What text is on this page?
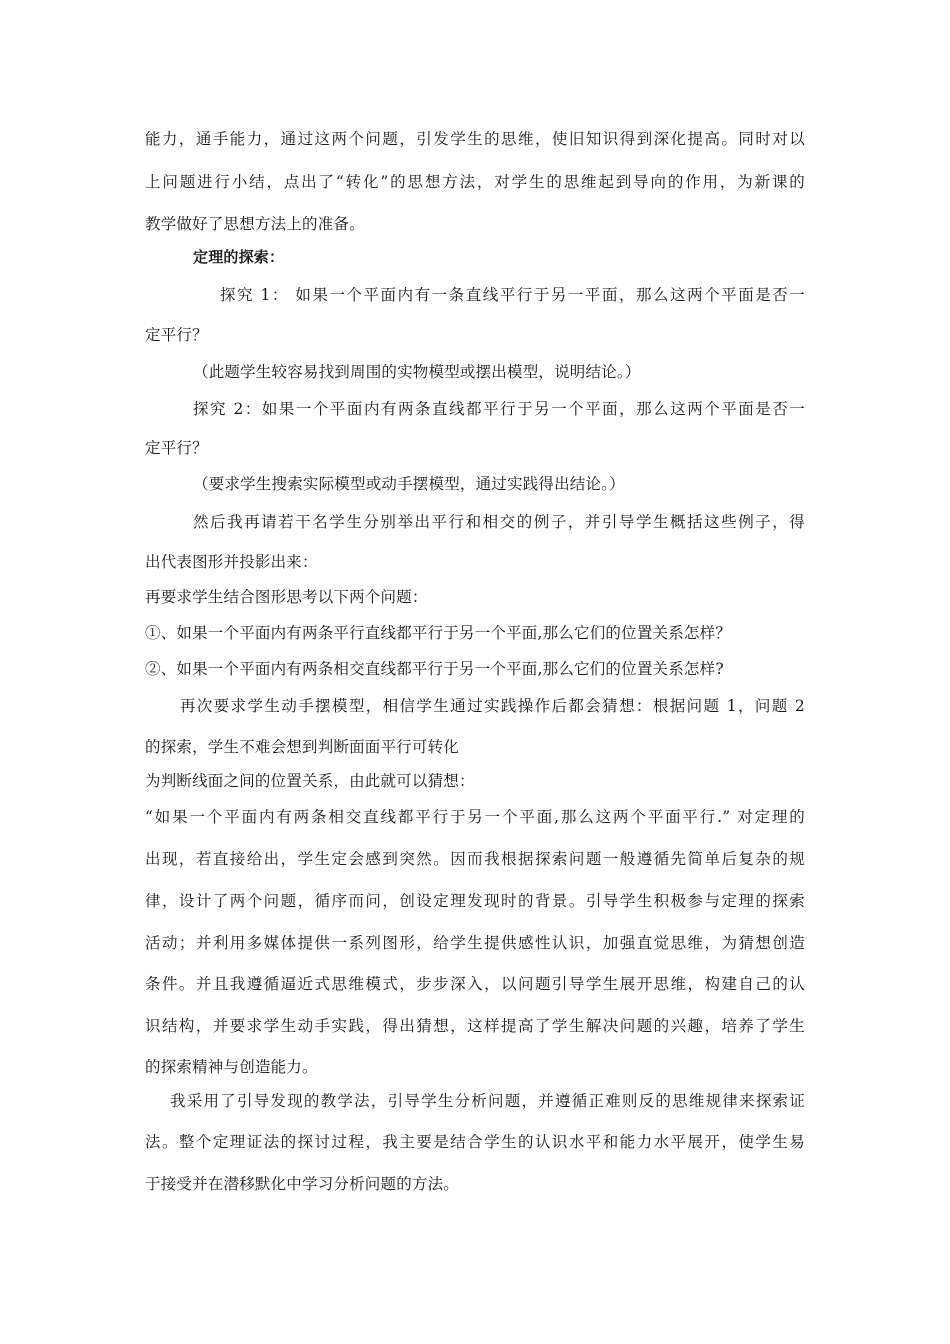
能力，通手能力，通过这两个问题，引发学生的思维，使旧知识得到深化提高。同时对以
上问题进行小结，点出了“转化”的思想方法，对学生的思维起到导向的作用，为新课的
教学做好了思想方法上的准备。
定理的探索：
探究 1： 如果一个平面内有一条直线平行于另一平面，那么这两个平面是否一
定平行？
（此题学生较容易找到周围的实物模型或摆出模型，说明结论。）
探究 2：如果一个平面内有两条直线都平行于另一个平面，那么这两个平面是否一
定平行？
（要求学生搜索实际模型或动手摆模型，通过实践得出结论。）
然后我再请若干名学生分别举出平行和相交的例子，并引导学生概括这些例子，得
出代表图形并投影出来：
再要求学生结合图形思考以下两个问题：
①、如果一个平面内有两条平行直线都平行于另一个平面,那么它们的位置关系怎样？
②、如果一个平面内有两条相交直线都平行于另一个平面,那么它们的位置关系怎样?
再次要求学生动手摆模型，相信学生通过实践操作后都会猜想：根据问题 1，问题 2
的探索，学生不难会想到判断面面平行可转化
为判断线面之间的位置关系，由此就可以猜想：
“如果一个平面内有两条相交直线都平行于另一个平面,那么这两个平面平行.” 对定理的
出现，若直接给出，学生定会感到突然。因而我根据探索问题一般遵循先简单后复杂的规
律，设计了两个问题，循序而问，创设定理发现时的背景。引导学生积极参与定理的探索
活动；并利用多媒体提供一系列图形，给学生提供感性认识，加强直觉思维，为猜想创造
条件。并且我遵循逼近式思维模式，步步深入，以问题引导学生展开思维，构建自己的认
识结构，并要求学生动手实践，得出猜想，这样提高了学生解决问题的兴趣，培养了学生
的探索精神与创造能力。
我采用了引导发现的教学法，引导学生分析问题，并遵循正难则反的思维规律来探索证
法。整个定理证法的探讨过程，我主要是结合学生的认识水平和能力水平展开，使学生易
于接受并在潜移默化中学习分析问题的方法。
